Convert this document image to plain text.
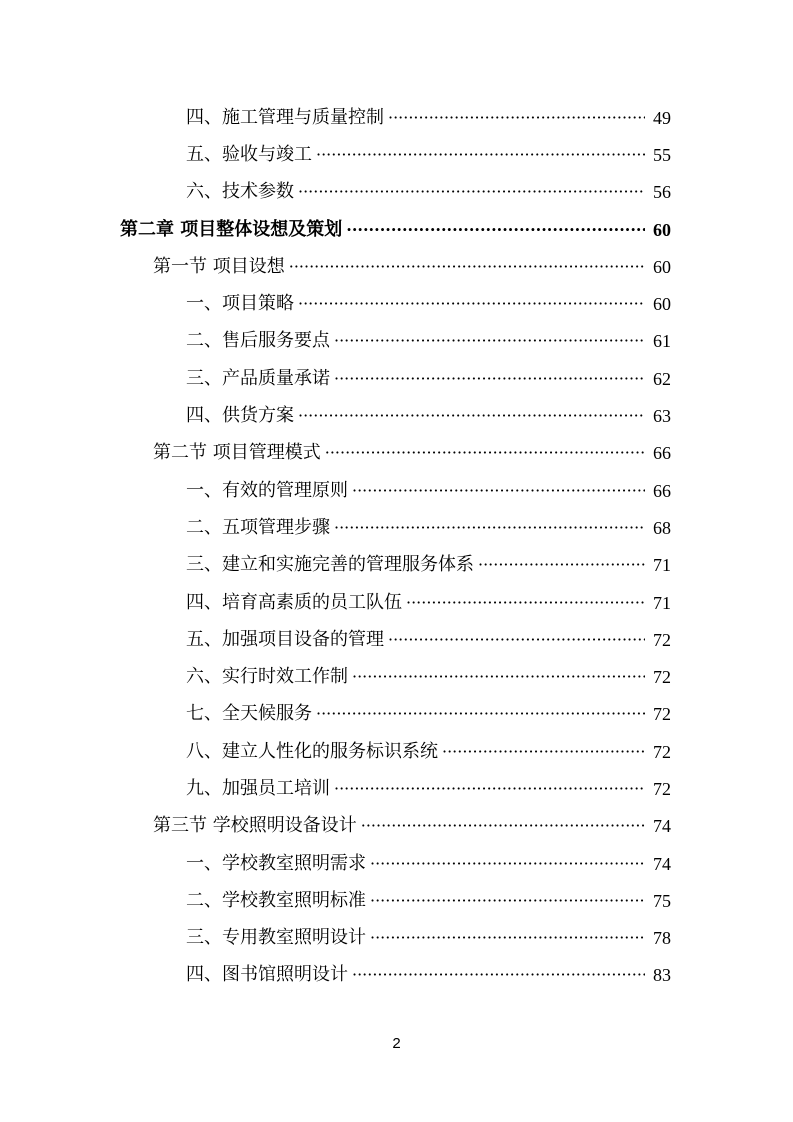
四、施工管理与质量控制 ·····	49
五、验收与竣工 ·····	55
六、技术参数 ·····	56
第二章 项目整体设想及策划 ·····	60
第一节 项目设想 ·····	60
一、项目策略 ·····	60
二、售后服务要点 ·····	61
三、产品质量承诺 ·····	62
四、供货方案 ·····	63
第二节 项目管理模式 ·····	66
一、有效的管理原则 ·····	66
二、五项管理步骤 ·····	68
三、建立和实施完善的管理服务体系 ·····	71
四、培育高素质的员工队伍 ·····	71
五、加强项目设备的管理 ·····	72
六、实行时效工作制 ·····	72
七、全天候服务 ·····	72
八、建立人性化的服务标识系统 ·····	72
九、加强员工培训 ·····	72
第三节 学校照明设备设计 ·····	74
一、学校教室照明需求 ·····	74
二、学校教室照明标准 ·····	75
三、专用教室照明设计 ·····	78
四、图书馆照明设计 ·····	83
2
